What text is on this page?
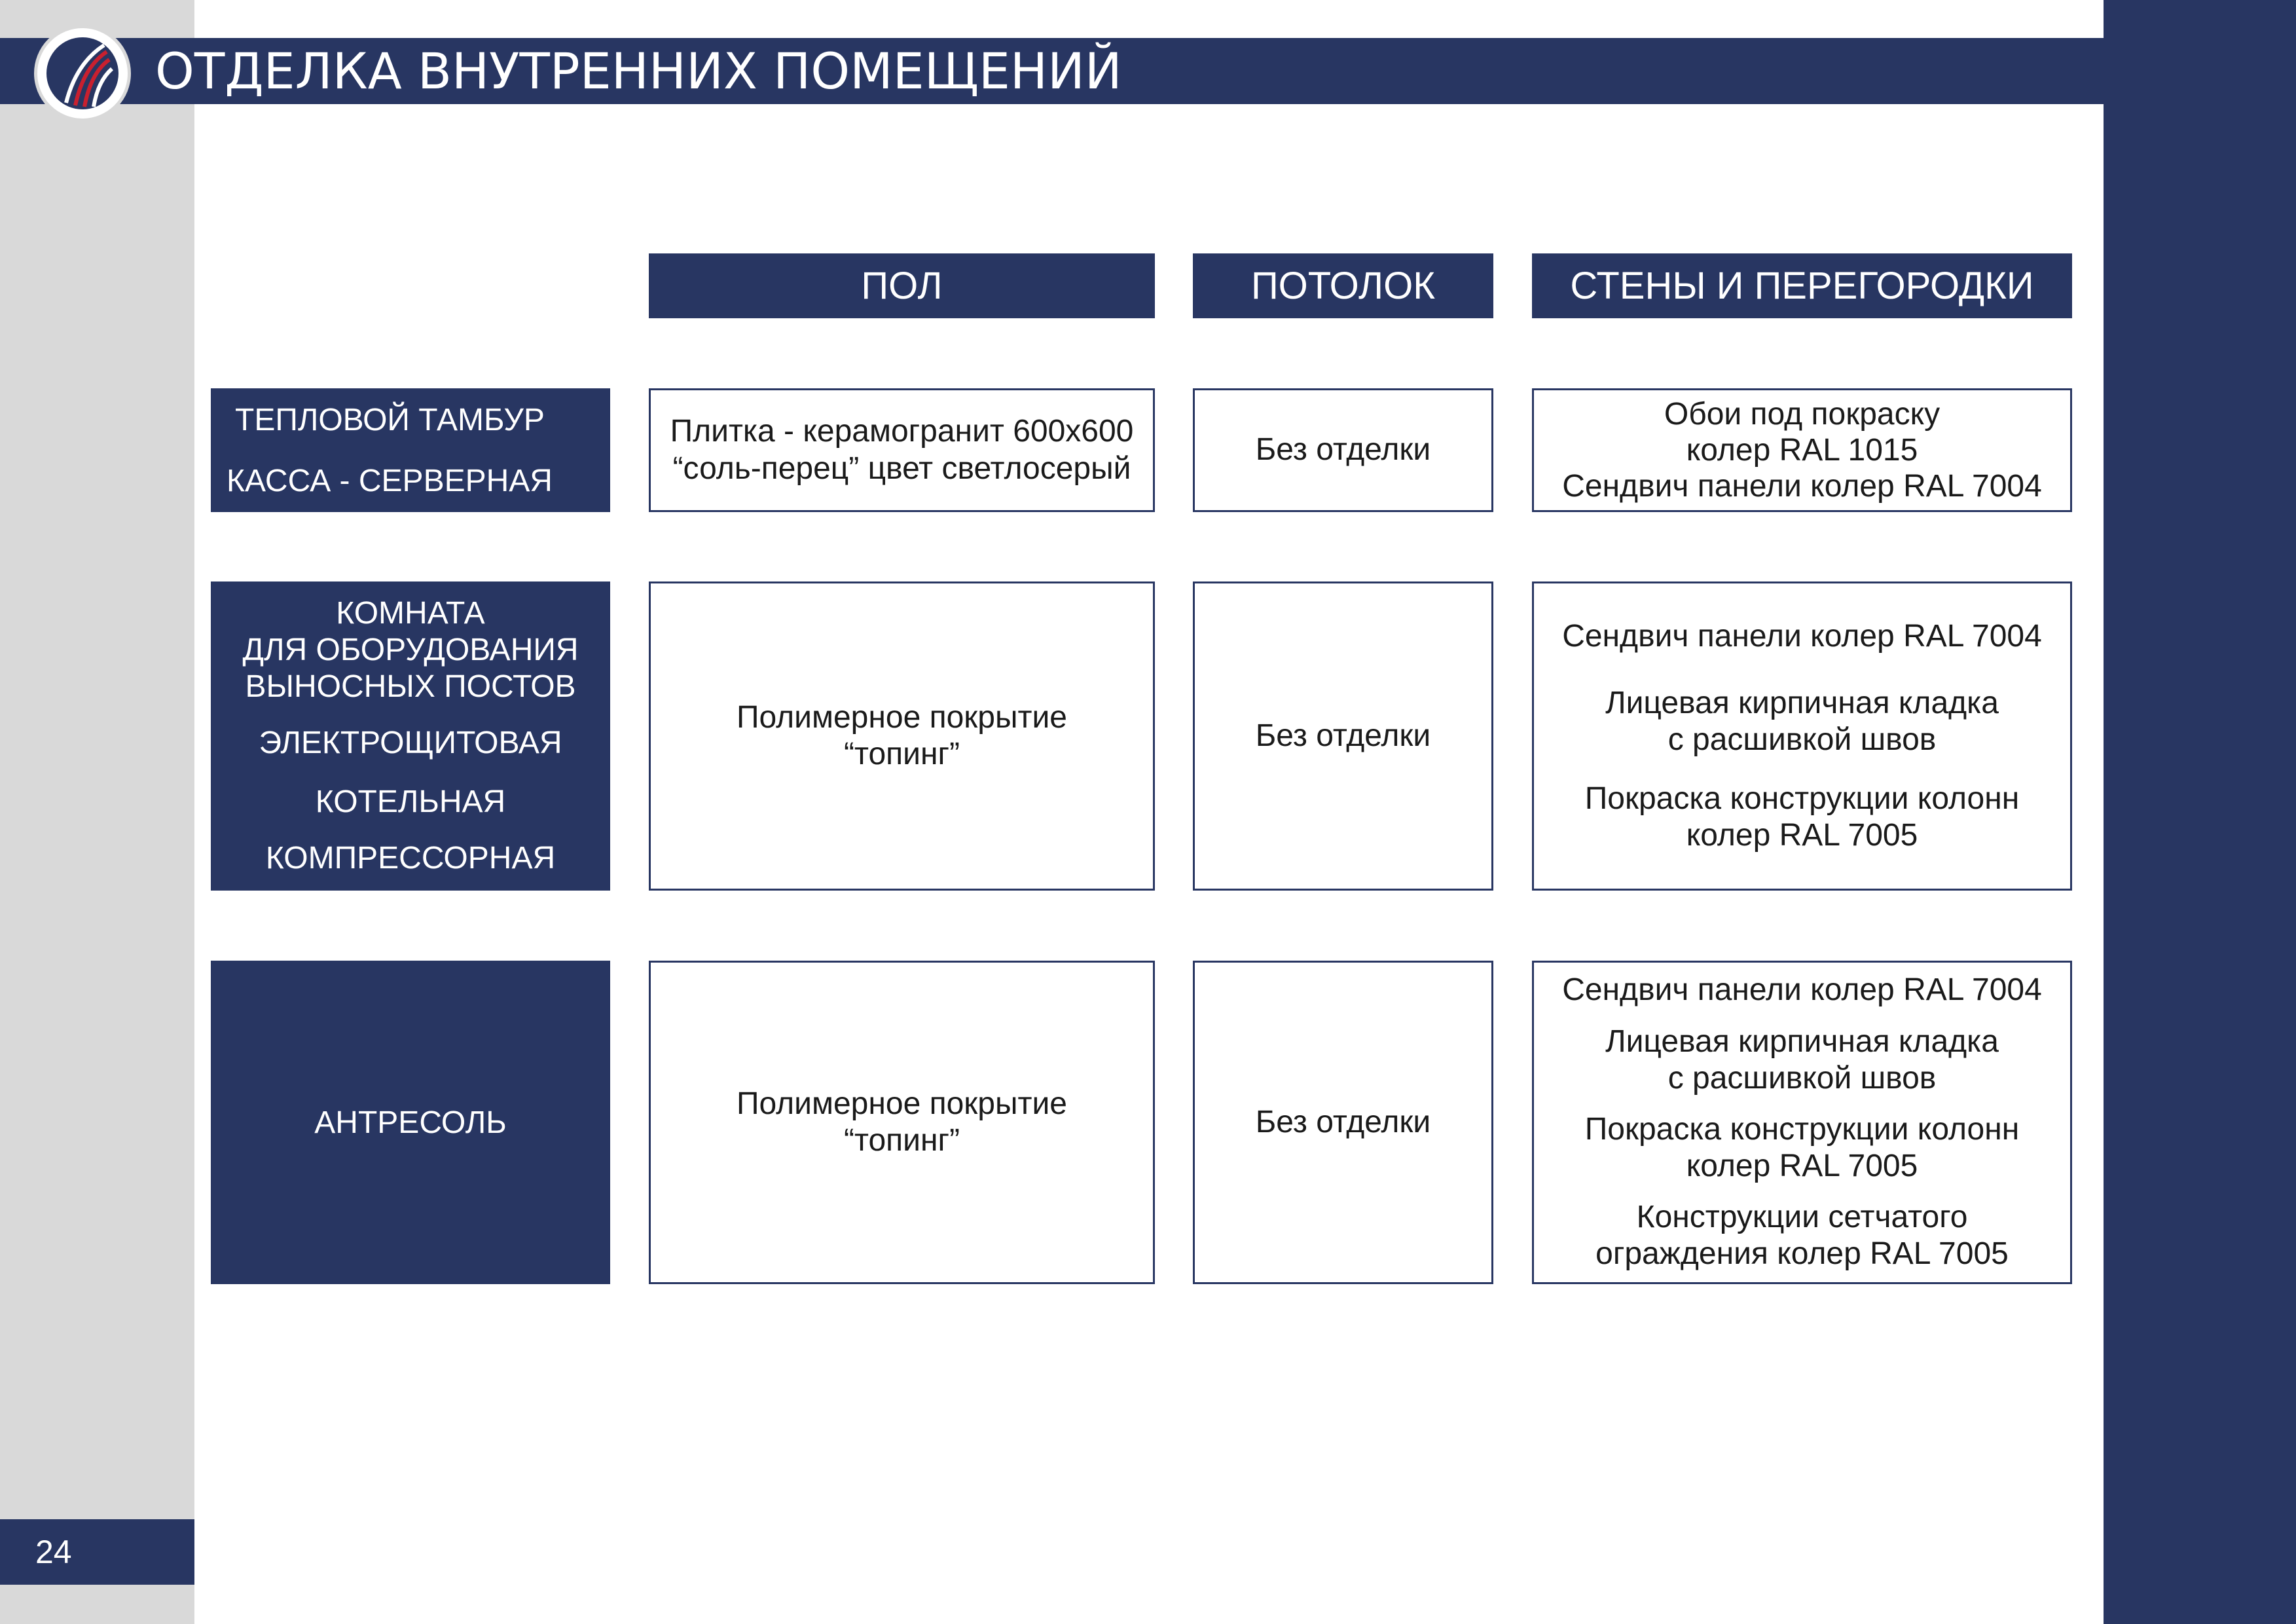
ОТДЕЛКА ВНУТРЕННИХ ПОМЕЩЕНИЙ
24
ПОЛ	ПОТОЛОК	СТЕНЫ И ПЕРЕГОРОДКИ
ТЕПЛОВОЙ ТАМБУР
КАССА - СЕРВЕРНАЯ
Плитка - керамогранит 600х600
“соль-перец” цвет светлосерый
Без отделки
Обои под покраску
колер RAL 1015
Сендвич панели колер RAL 7004
КОМНАТА
ДЛЯ ОБОРУДОВАНИЯ
ВЫНОСНЫХ ПОСТОВ
ЭЛЕКТРОЩИТОВАЯ
КОТЕЛЬНАЯ
КОМПРЕССОРНАЯ
Полимерное покрытие
“топинг”
Без отделки
Сендвич панели колер RAL 7004
Лицевая кирпичная кладка
с расшивкой швов
Покраска конструкции колонн
колер RAL 7005
АНТРЕСОЛЬ
Полимерное покрытие
“топинг”
Без отделки
Сендвич панели колер RAL 7004
Лицевая кирпичная кладка
с расшивкой швов
Покраска конструкции колонн
колер RAL 7005
Конструкции сетчатого
ограждения колер RAL 7005
